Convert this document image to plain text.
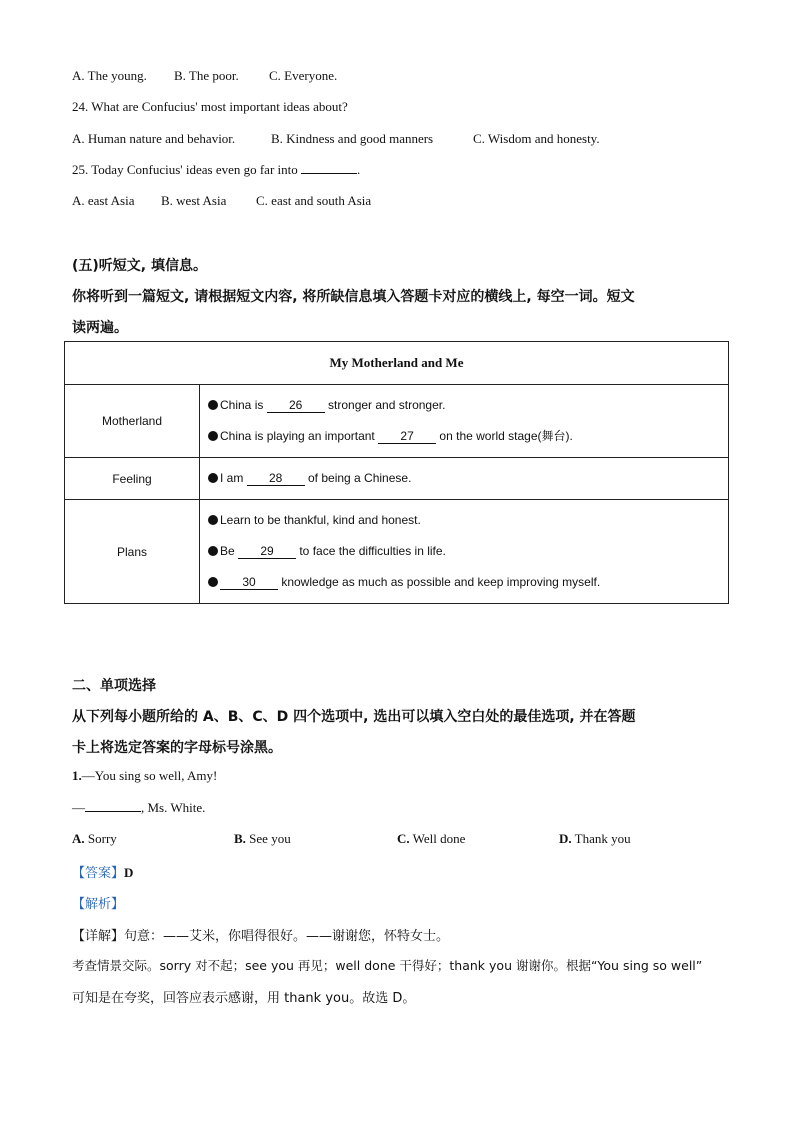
A. The young. B. The poor. C. Everyone.
24. What are Confucius' most important ideas about?
A. Human nature and behavior.	B. Kindness and good manners	C. Wisdom and honesty.
25. Today Confucius' ideas even go far into	.
A. east Asia B. west Asia C. east and south Asia
(五)听短文, 填信息。
你将听到一篇短文, 请根据短文内容, 将所缺信息填入答题卡对应的横线上, 每空一词。短文
读两遍。
My Motherland and Me	
Motherland	China is 26 stronger and stronger.
China is playing an important 27 on the world stage(舞台).

Feeling	I am 28 of being a Chinese.

Plans	Learn to be thankful, kind and honest.
Be 29 to face the difficulties in life.
30 knowledge as much as possible and keep improving myself.
二、单项选择
从下列每小题所给的 A、B、C、D 四个选项中, 选出可以填入空白处的最佳选项, 并在答题
卡上将选定答案的字母标号涂黑。
1.—You sing so well, Amy!
—	, Ms. White.
A. Sorry	B. See you	C. Well done	D. Thank you
【答案】D
【解析】
【详解】句意：——艾米，你唱得很好。——谢谢您，怀特女士。
考查情景交际。sorry 对不起；see you 再见；well done 干得好；thank you 谢谢你。根据“You sing so well”
可知是在夸奖，回答应表示感谢，用 thank you。故选 D。
